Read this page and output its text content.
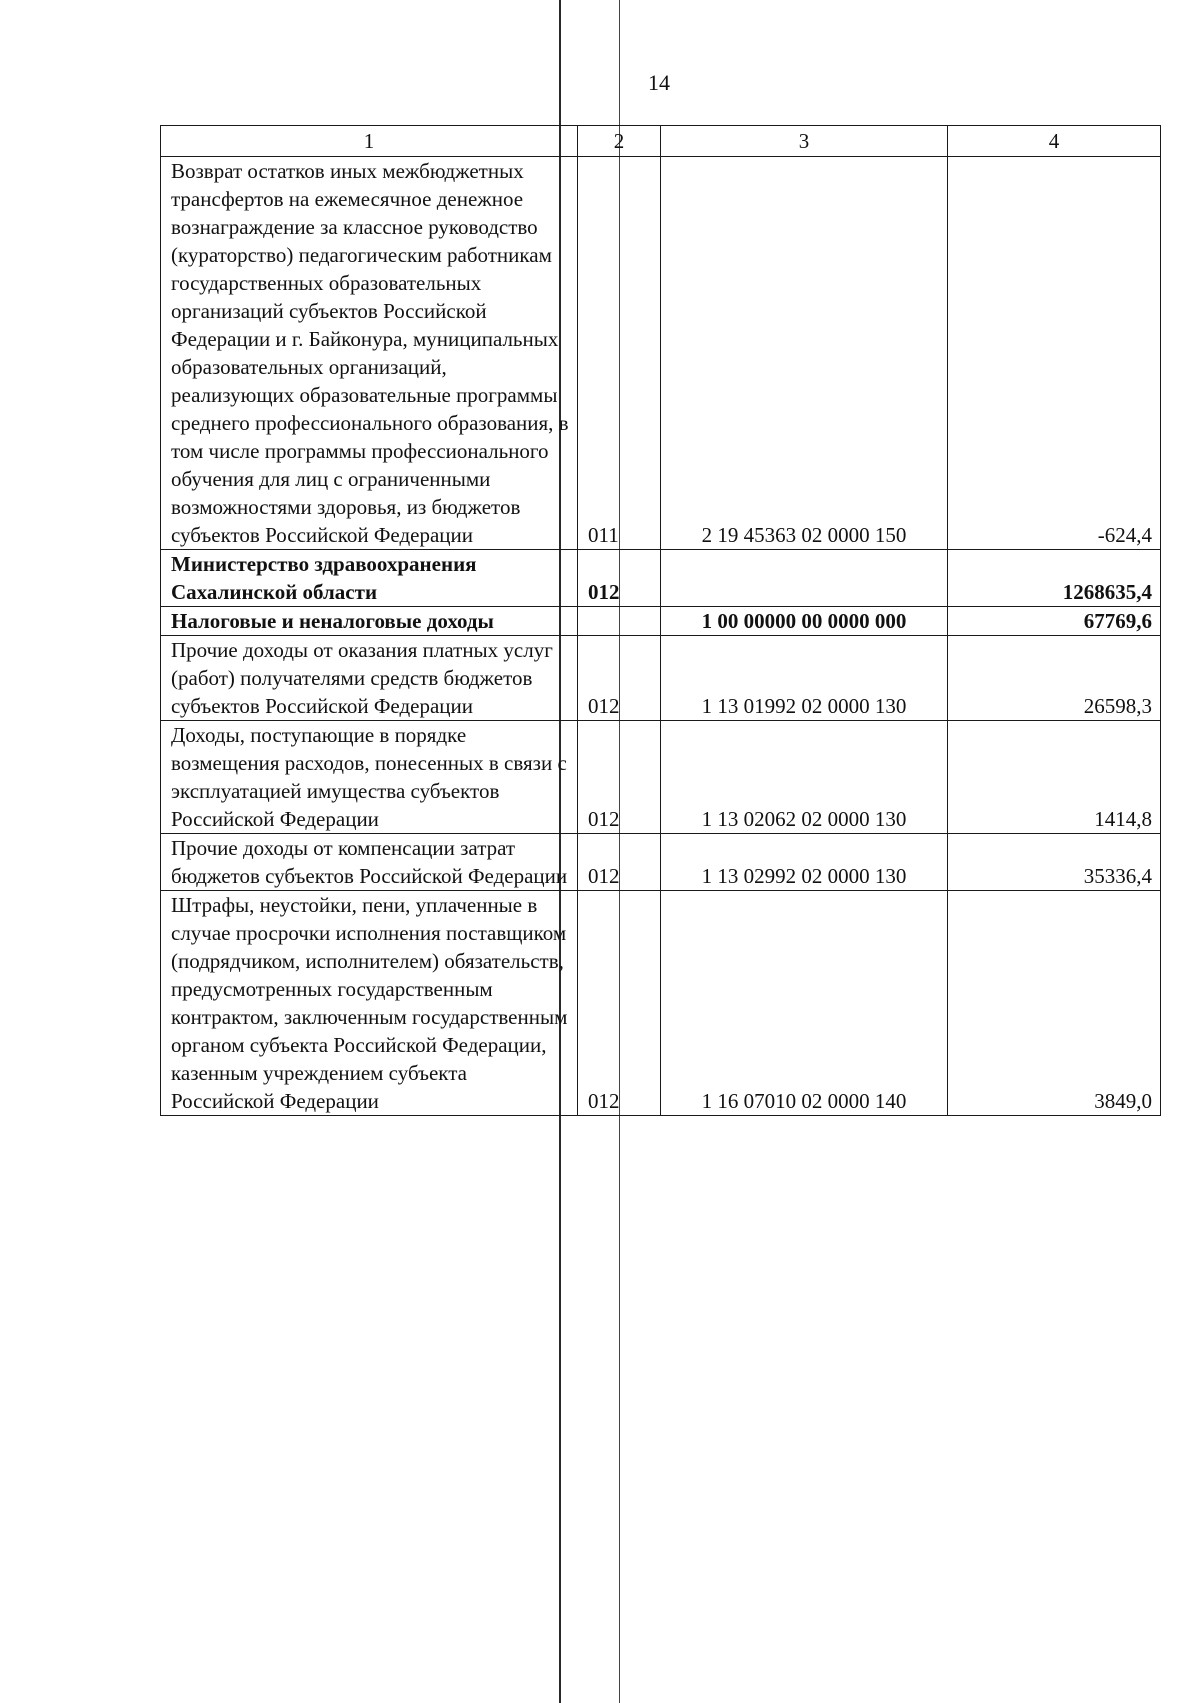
14
1	2	3	4
Возврат остатков иных межбюджетных трансфертов на ежемесячное денежное вознаграждение за классное руководство (кураторство) педагогическим работникам государственных образовательных организаций субъектов Российской Федерации и г. Байконура, муниципальных образовательных организаций, реализующих образовательные программы среднего профессионального образования, в том числе программы профессионального обучения для лиц с ограниченными возможностями здоровья, из бюджетов субъектов Российской Федерации	011	2 19 45363 02 0000 150	-624,4
Министерство здравоохранения Сахалинской области	012		1268635,4
Налоговые и неналоговые доходы		1 00 00000 00 0000 000	67769,6
Прочие доходы от оказания платных услуг (работ) получателями средств бюджетов субъектов Российской Федерации	012	1 13 01992 02 0000 130	26598,3
Доходы, поступающие в порядке возмещения расходов, понесенных в связи с эксплуатацией имущества субъектов Российской Федерации	012	1 13 02062 02 0000 130	1414,8
Прочие доходы от компенсации затрат бюджетов субъектов Российской Федерации	012	1 13 02992 02 0000 130	35336,4
Штрафы, неустойки, пени, уплаченные в случае просрочки исполнения поставщиком (подрядчиком, исполнителем) обязательств, предусмотренных государственным контрактом, заключенным государственным органом субъекта Российской Федерации, казенным учреждением субъекта Российской Федерации	012	1 16 07010 02 0000 140	3849,0
